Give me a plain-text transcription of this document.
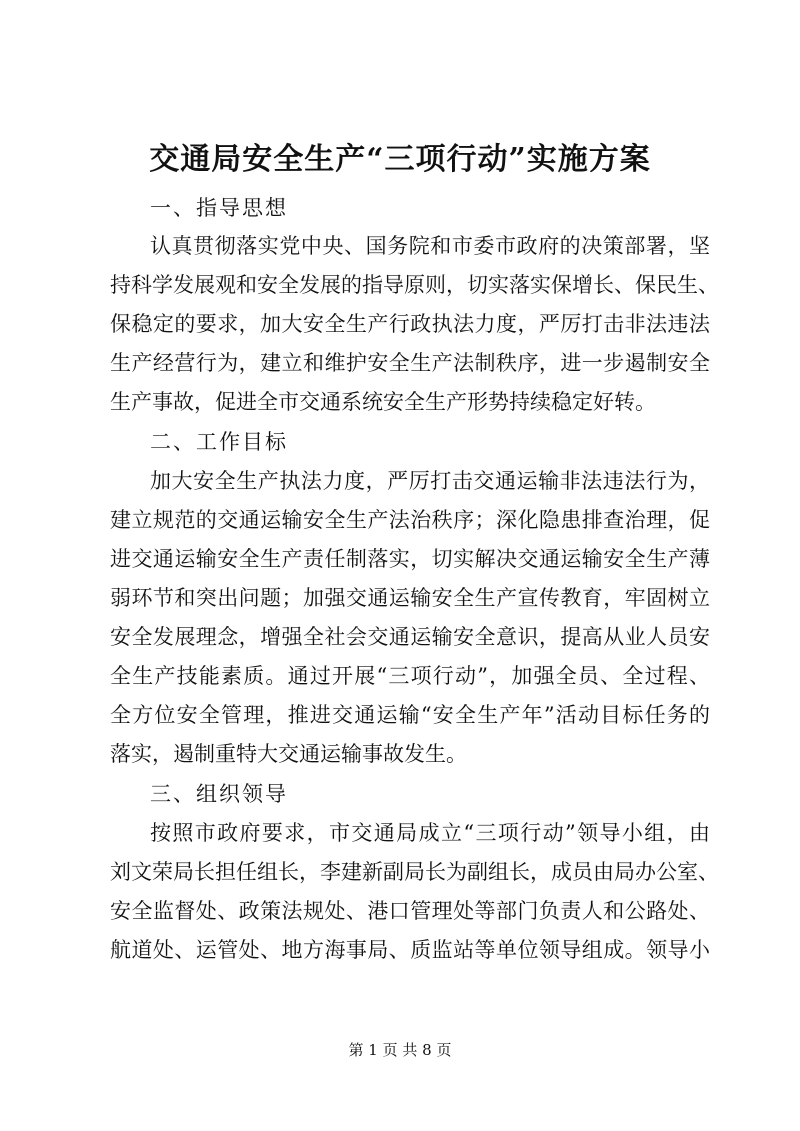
交通局安全生产“三项行动”实施方案
一、指导思想
认真贯彻落实党中央、国务院和市委市政府的决策部署，坚
持科学发展观和安全发展的指导原则，切实落实保增长、保民生、
保稳定的要求，加大安全生产行政执法力度，严厉打击非法违法
生产经营行为，建立和维护安全生产法制秩序，进一步遏制安全
生产事故，促进全市交通系统安全生产形势持续稳定好转。
二、工作目标
加大安全生产执法力度，严厉打击交通运输非法违法行为，
建立规范的交通运输安全生产法治秩序；深化隐患排查治理，促
进交通运输安全生产责任制落实，切实解决交通运输安全生产薄
弱环节和突出问题；加强交通运输安全生产宣传教育，牢固树立
安全发展理念，增强全社会交通运输安全意识，提高从业人员安
全生产技能素质。通过开展“三项行动”，加强全员、全过程、
全方位安全管理，推进交通运输“安全生产年”活动目标任务的
落实，遏制重特大交通运输事故发生。
三、组织领导
按照市政府要求，市交通局成立“三项行动”领导小组，由
刘文荣局长担任组长，李建新副局长为副组长，成员由局办公室、
安全监督处、政策法规处、港口管理处等部门负责人和公路处、
航道处、运管处、地方海事局、质监站等单位领导组成。领导小
第 1 页 共 8 页
